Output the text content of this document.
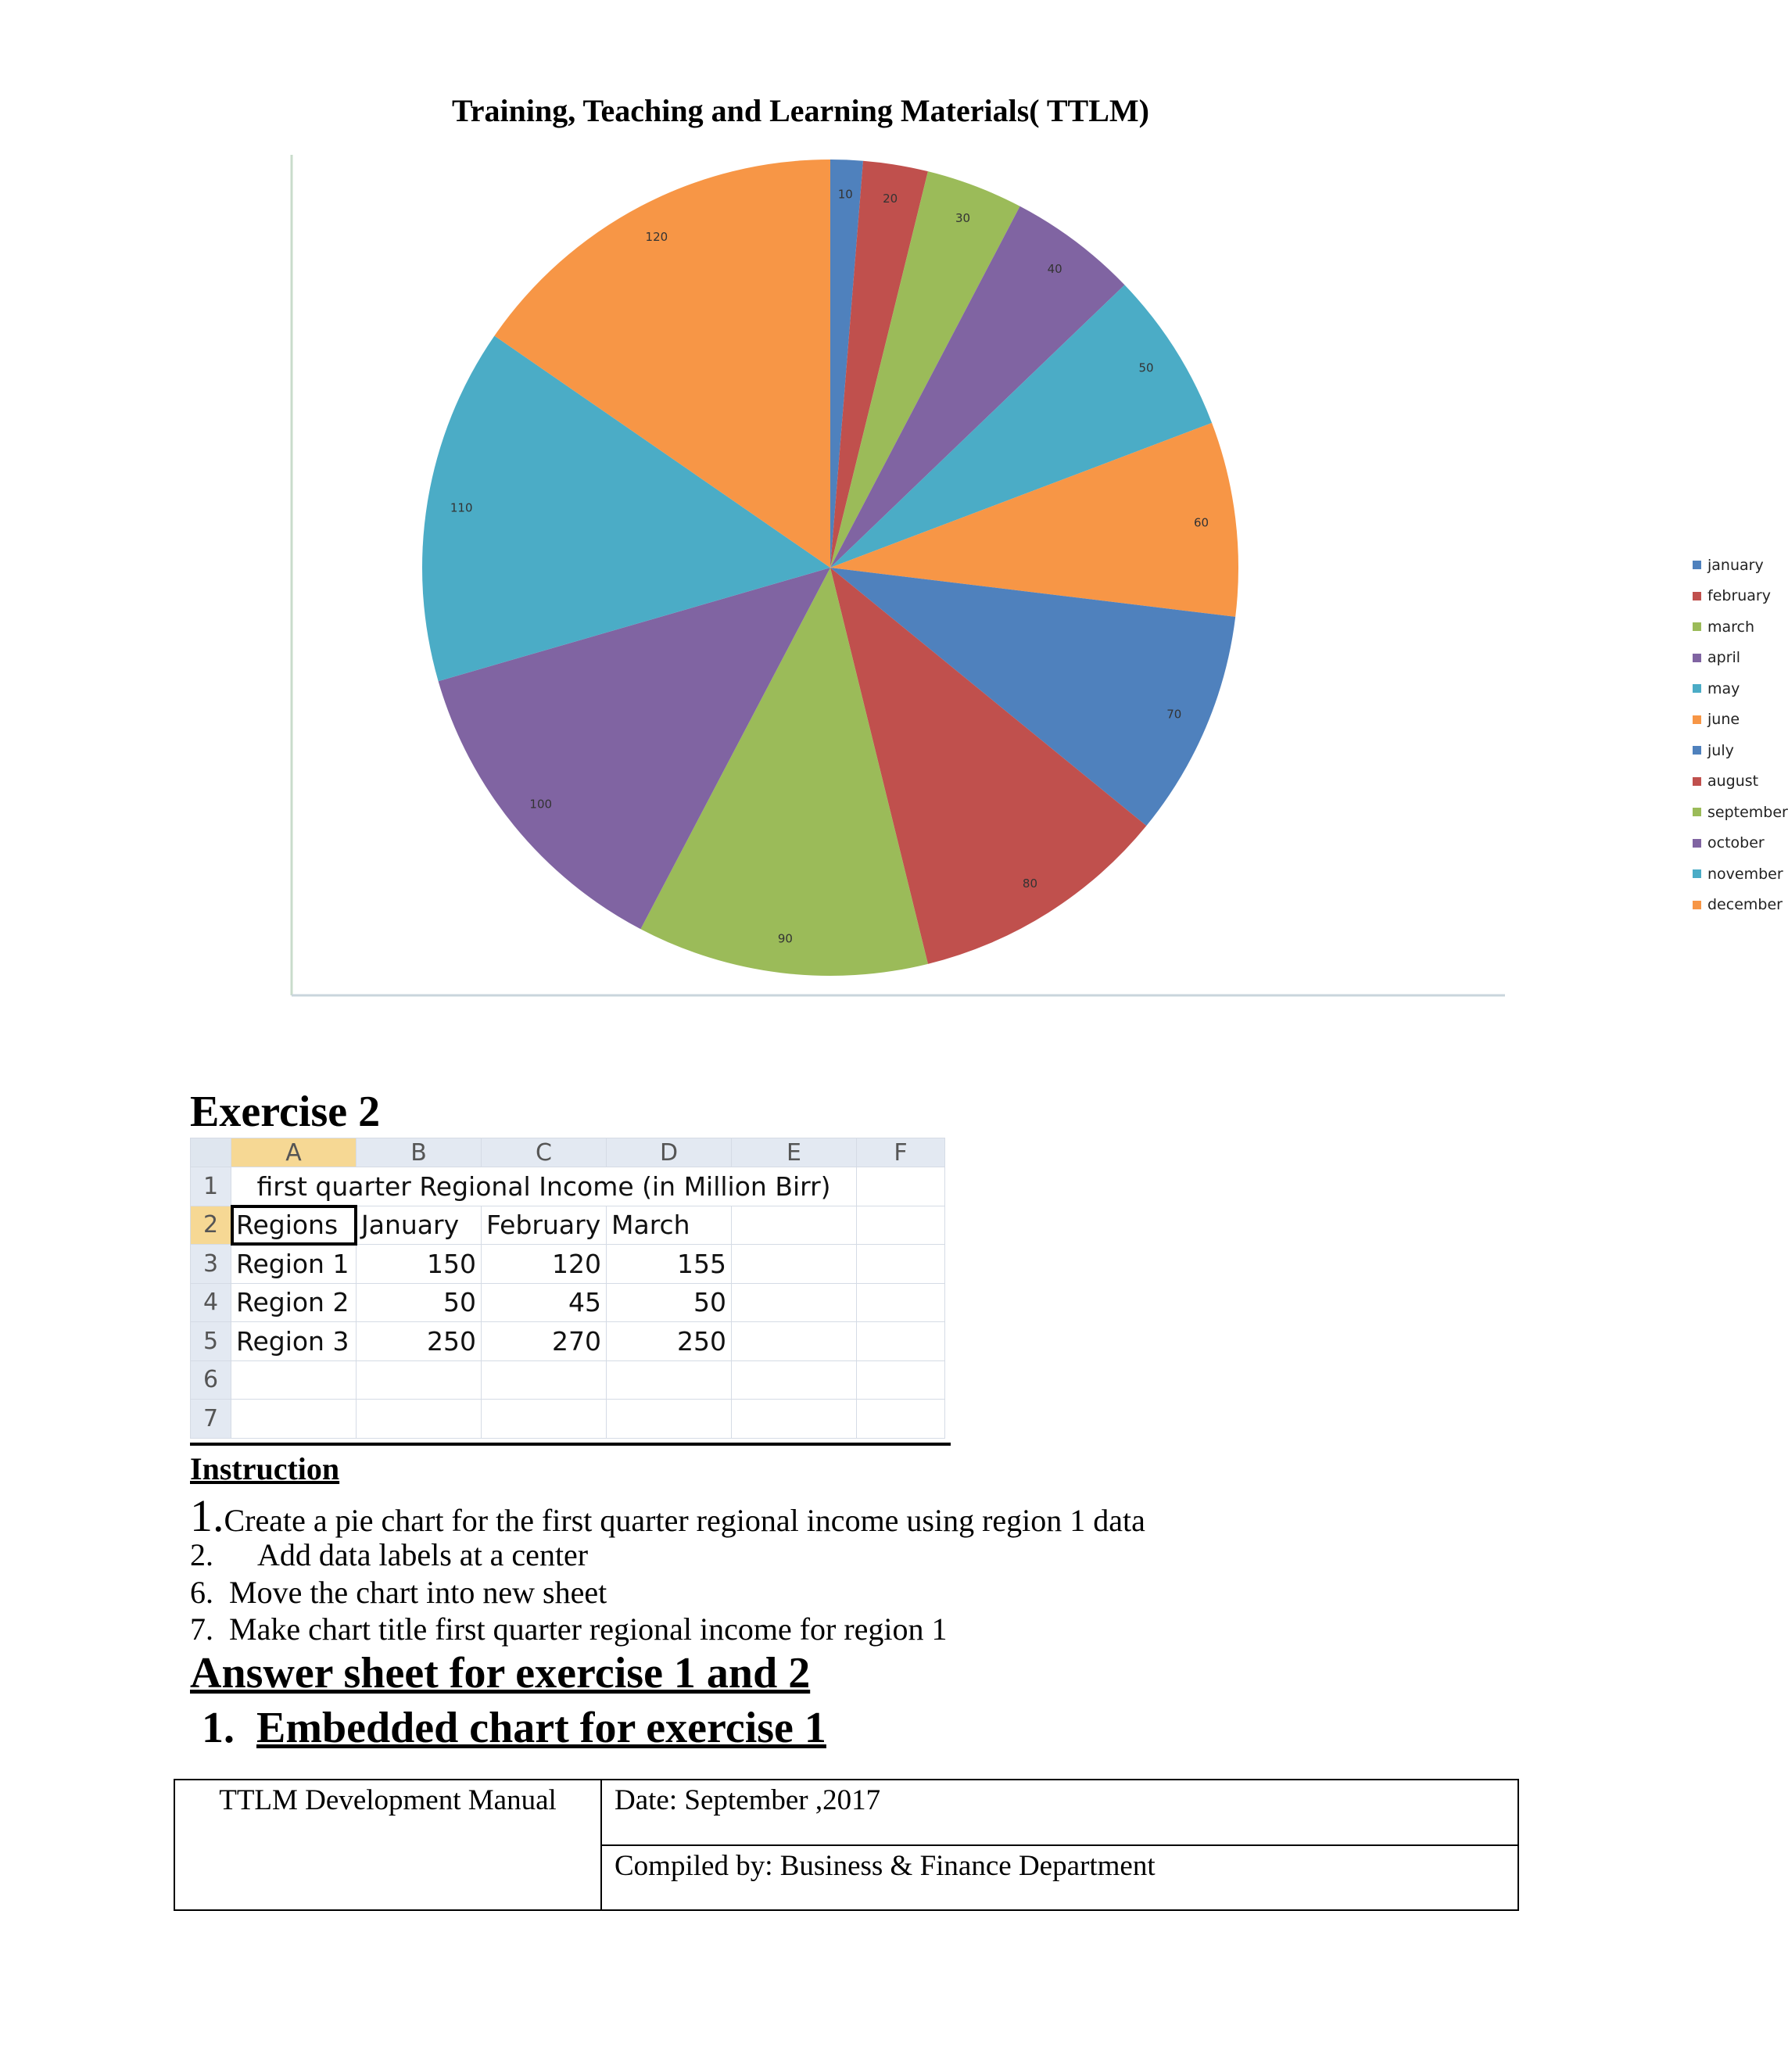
Training, Teaching and Learning Materials( TTLM)
10	20
30
40
50
60
70
80
90
100
110
120
january
february
march
april
may
june
july
august
september
october
november
december
Exercise 2
	A	B	C	D	E	F
1	first quarter Regional Income (in Million Birr)					
2	Regions	January	February	March		
3	Region 1	150	120	155		
4	Region 2	50	45	50		
5	Region 3	250	270	250		
6						
7						
Instruction
1.Create a pie chart for the first quarter regional income using region 1 data
2. Add data labels at a center
6. Move the chart into new sheet
7. Make chart title first quarter regional income for region 1
Answer sheet for exercise 1 and 2
1. Embedded chart for exercise 1
TTLM Development Manual	Date: September ,2017
Compiled by: Business & Finance Department
